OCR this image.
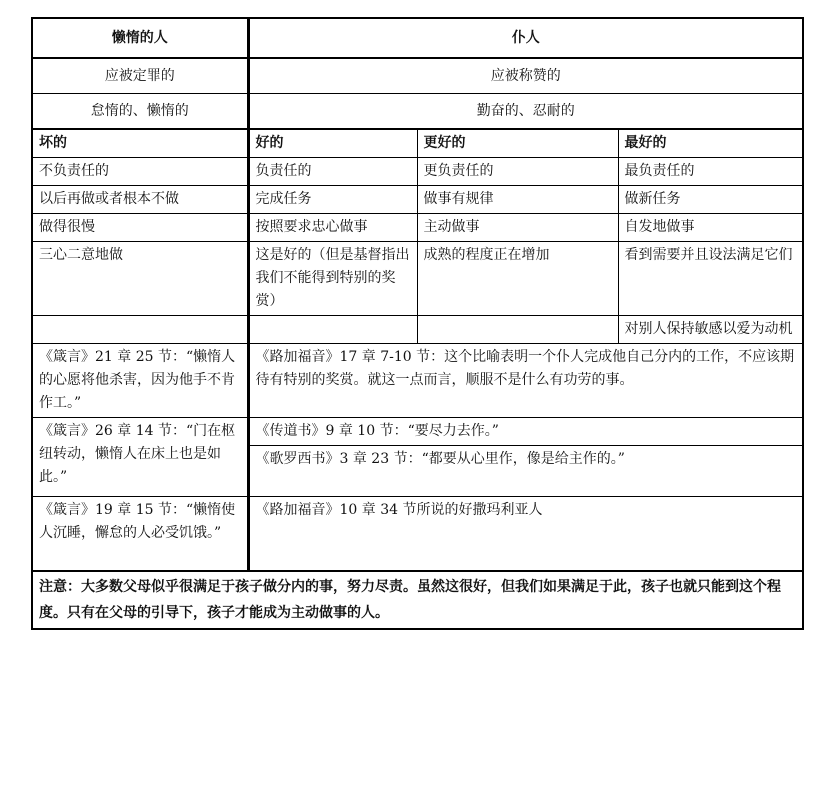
懒惰的人	仆人		
应被定罪的	应被称赞的		
怠惰的、懒惰的	勤奋的、忍耐的		
坏的	好的	更好的	最好的
不负责任的	负责任的	更负责任的	最负责任的
以后再做或者根本不做	完成任务	做事有规律	做新任务
做得很慢	按照要求忠心做事	主动做事	自发地做事
三心二意地做	这是好的（但是基督指出我们不能得到特别的奖赏）	成熟的程度正在增加	看到需要并且设法满足它们
			对别人保持敏感以爱为动机
《箴言》21 章 25 节：“懒惰人的心愿将他杀害，因为他手不肯作工。”	《路加福音》17 章 7-10 节：这个比喻表明一个仆人完成他自己分内的工作，不应该期待有特别的奖赏。就这一点而言，顺服不是什么有功劳的事。		
《箴言》26 章 14 节：“门在枢纽转动，懒惰人在床上也是如此。”	《传道书》9 章 10 节：“要尽力去作。”		
	《歌罗西书》3 章 23 节：“都要从心里作，像是给主作的。”		
《箴言》19 章 15 节：“懒惰使人沉睡，懈怠的人必受饥饿。”	《路加福音》10 章 34 节所说的好撒玛利亚人		
注意：大多数父母似乎很满足于孩子做分内的事，努力尽责。虽然这很好，但我们如果满足于此，孩子也就只能到这个程度。只有在父母的引导下，孩子才能成为主动做事的人。			
